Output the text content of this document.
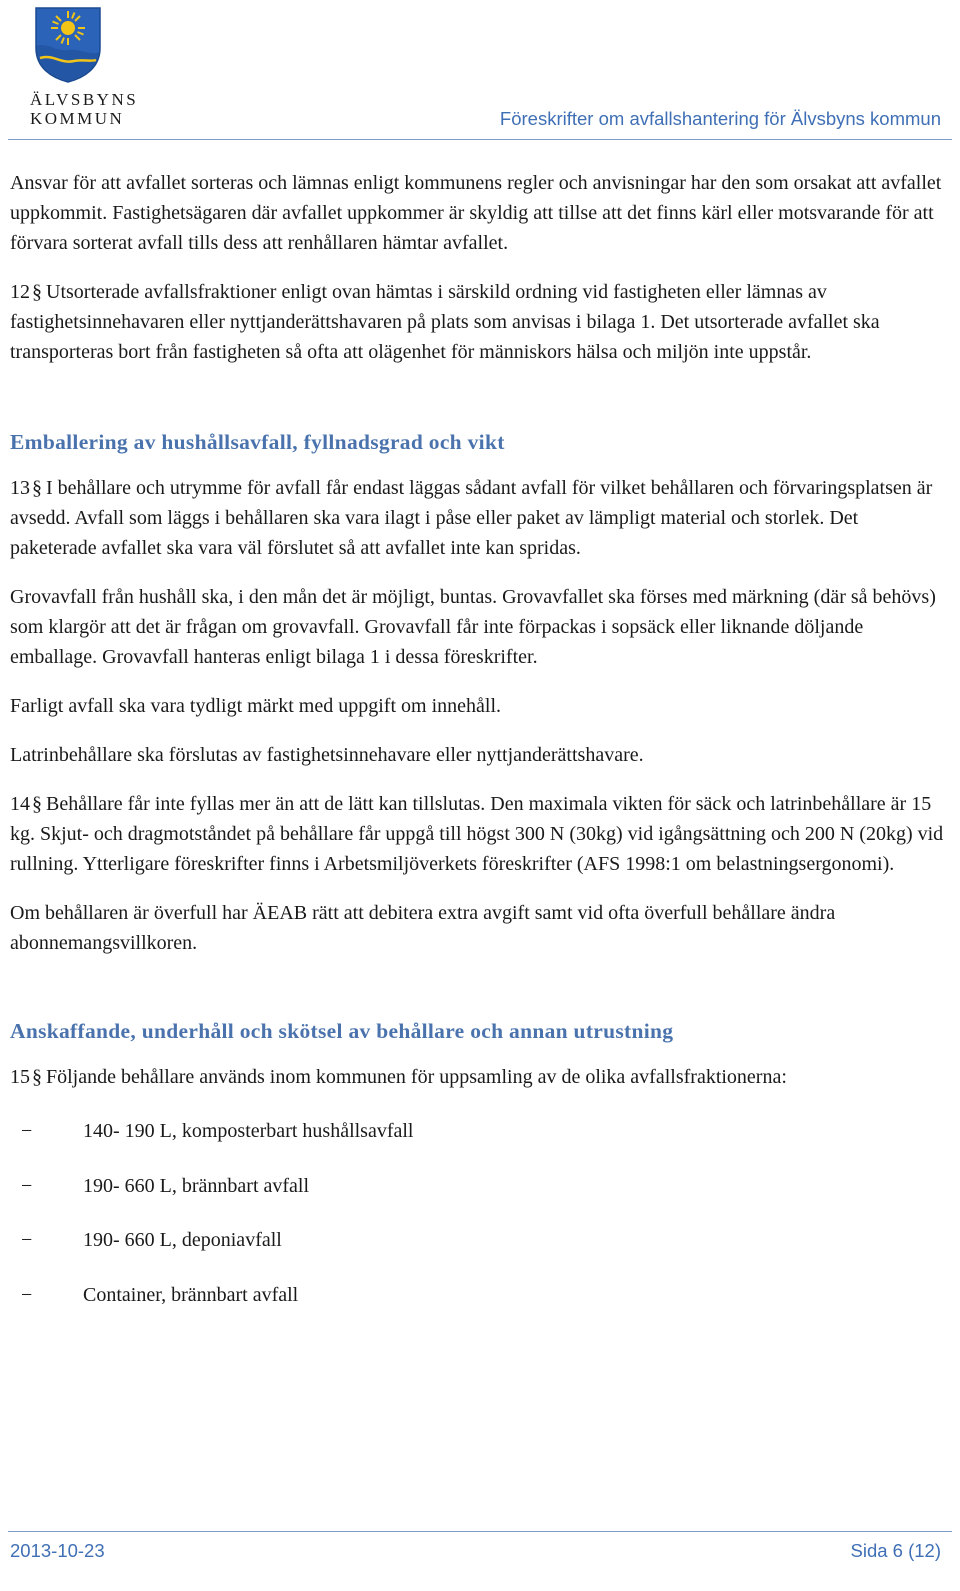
ÄLVSBYNS
KOMMUN	Föreskrifter om avfallshantering för Älvsbyns kommun

Ansvar för att avfallet sorteras och lämnas enligt kommunens regler och anvisningar har den som orsakat att avfallet uppkommit. Fastighetsägaren där avfallet uppkommer är skyldig att tillse att det finns kärl eller motsvarande för att förvara sorterat avfall tills dess att renhållaren hämtar avfallet.

12 § Utsorterade avfallsfraktioner enligt ovan hämtas i särskild ordning vid fastigheten eller lämnas av fastighetsinnehavaren eller nyttjanderättshavaren på plats som anvisas i bilaga 1. Det utsorterade avfallet ska transporteras bort från fastigheten så ofta att olägenhet för människors hälsa och miljön inte uppstår.

Emballering av hushållsavfall, fyllnadsgrad och vikt

13 § I behållare och utrymme för avfall får endast läggas sådant avfall för vilket behållaren och förvaringsplatsen är avsedd. Avfall som läggs i behållaren ska vara ilagt i påse eller paket av lämpligt material och storlek. Det paketerade avfallet ska vara väl förslutet så att avfallet inte kan spridas.

Grovavfall från hushåll ska, i den mån det är möjligt, buntas. Grovavfallet ska förses med märkning (där så behövs) som klargör att det är frågan om grovavfall. Grovavfall får inte förpackas i sopsäck eller liknande döljande emballage. Grovavfall hanteras enligt bilaga 1 i dessa föreskrifter.

Farligt avfall ska vara tydligt märkt med uppgift om innehåll.

Latrinbehållare ska förslutas av fastighetsinnehavare eller nyttjanderättshavare.

14 § Behållare får inte fyllas mer än att de lätt kan tillslutas. Den maximala vikten för säck och latrinbehållare är 15 kg. Skjut- och dragmotståndet på behållare får uppgå till högst 300 N (30kg) vid igångsättning och 200 N (20kg) vid rullning. Ytterligare föreskrifter finns i Arbetsmiljöverkets föreskrifter (AFS 1998:1 om belastningsergonomi).

Om behållaren är överfull har ÄEAB rätt att debitera extra avgift samt vid ofta överfull behållare ändra abonnemangsvillkoren.

Anskaffande, underhåll och skötsel av behållare och annan utrustning

15 § Följande behållare används inom kommunen för uppsamling av de olika avfallsfraktionerna:

−	140- 190 L, komposterbart hushållsavfall
−	190- 660 L, brännbart avfall
−	190- 660 L, deponiavfall
−	Container, brännbart avfall
2013-10-23	Sida 6 (12)
